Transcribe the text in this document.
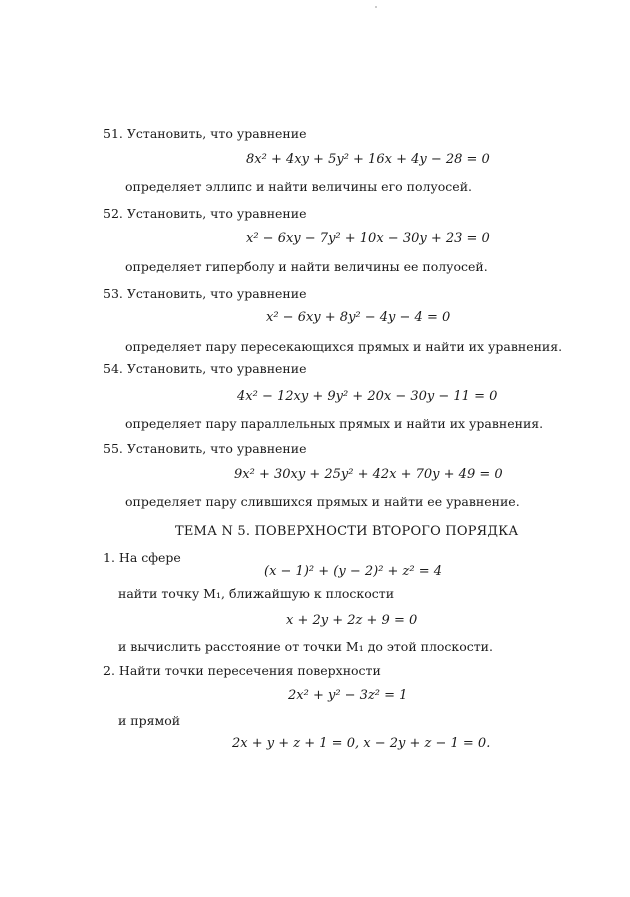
51. Установить, что уравнение
8x² + 4xy + 5y² + 16x + 4y − 28 = 0
определяет эллипс и найти величины его полуосей.
52. Установить, что уравнение
x² − 6xy − 7y² + 10x − 30y + 23 = 0
определяет гиперболу и найти величины ее полуосей.
53. Установить, что уравнение
x² − 6xy + 8y² − 4y − 4 = 0
определяет пару пересекающихся прямых и найти их уравнения.
54. Установить, что уравнение
4x² − 12xy + 9y² + 20x − 30y − 11 = 0
определяет пару параллельных прямых и найти их уравнения.
55. Установить, что уравнение
9x² + 30xy + 25y² + 42x + 70y + 49 = 0
определяет пару слившихся прямых и найти ее уравнение.
ТЕМА N 5. ПОВЕРХНОСТИ ВТОРОГО ПОРЯДКА
1. На сфере
(x − 1)² + (y − 2)² + z² = 4
найти точку M₁, ближайшую к плоскости
x + 2y + 2z + 9 = 0
и вычислить расстояние от точки M₁ до этой плоскости.
2. Найти точки пересечения поверхности
2x² + y² − 3z² = 1
и прямой
2x + y + z + 1 = 0, x − 2y + z − 1 = 0.
